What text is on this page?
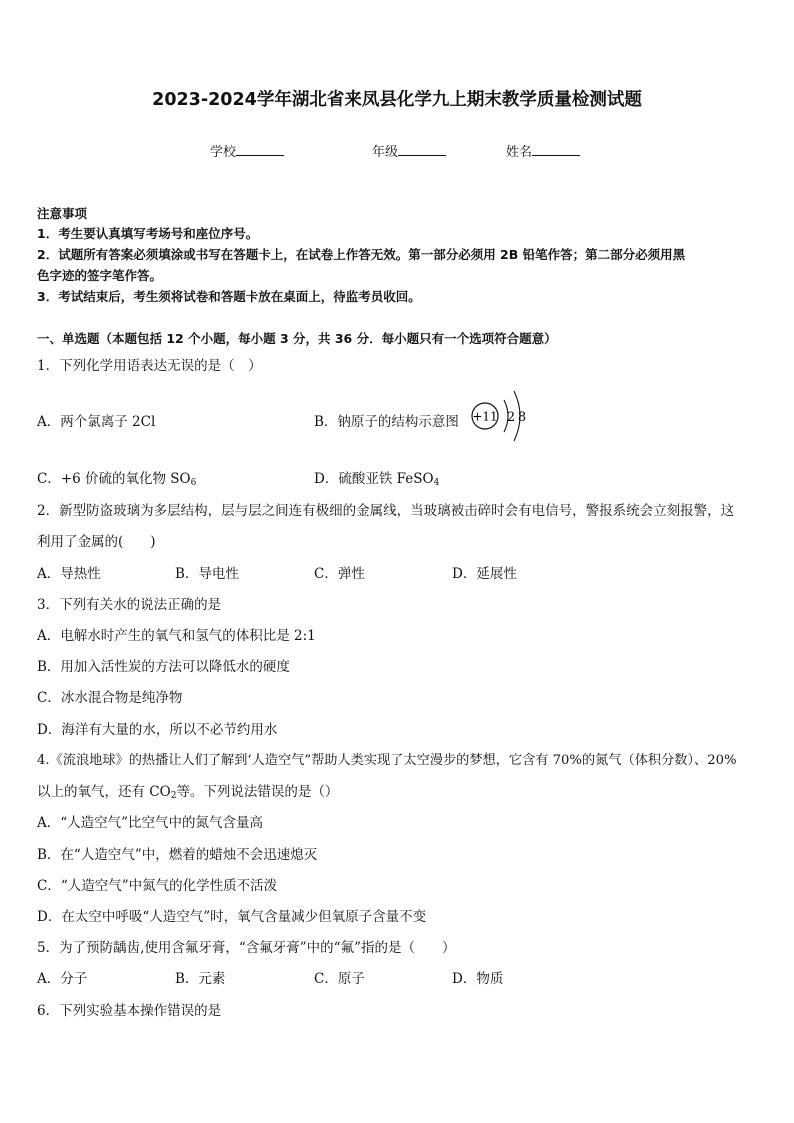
2023-2024学年湖北省来凤县化学九上期末教学质量检测试题
学校	年级	姓名
注意事项
1．考生要认真填写考场号和座位序号。
2．试题所有答案必须填涂或书写在答题卡上，在试卷上作答无效。第一部分必须用 2B 铅笔作答；第二部分必须用黑
色字迹的签字笔作答。
3．考试结束后，考生须将试卷和答题卡放在桌面上，待监考员收回。
一、单选题（本题包括 12 个小题，每小题 3 分，共 36 分．每小题只有一个选项符合题意）
1．下列化学用语表达无误的是（　）
A．两个氯离子 2Cl	B．钠原子的结构示意图 +11 2 8
C．+6 价硫的氧化物 $SO_6$	D．硫酸亚铁 FeSO$_4$
2．新型防盗玻璃为多层结构，层与层之间连有极细的金属线，当玻璃被击碎时会有电信号，警报系统会立刻报警，这
利用了金属的(　　)
A．导热性	B．导电性	C．弹性	D．延展性
3．下列有关水的说法正确的是
A．电解水时产生的氧气和氢气的体积比是 2:1
B．用加入活性炭的方法可以降低水的硬度
C．冰水混合物是纯净物
D．海洋有大量的水，所以不必节约用水
4.《流浪地球》的热播让人们了解到‘人造空气”帮助人类实现了太空漫步的梦想，它含有 70%的氮气（体积分数）、20%
以上的氧气，还有 $CO_2$等。下列说法错误的是（）
A．“人造空气”比空气中的氮气含量高
B．在“人造空气”中，燃着的蜡烛不会迅速熄灭
C．“人造空气”中氮气的化学性质不活泼
D．在太空中呼吸“人造空气”时，氧气含量减少但氧原子含量不变
5．为了预防龋齿,使用含氟牙膏，“含氟牙膏”中的“氟”指的是（　　）
A．分子	B．元素	C．原子	D．物质
6．下列实验基本操作错误的是
